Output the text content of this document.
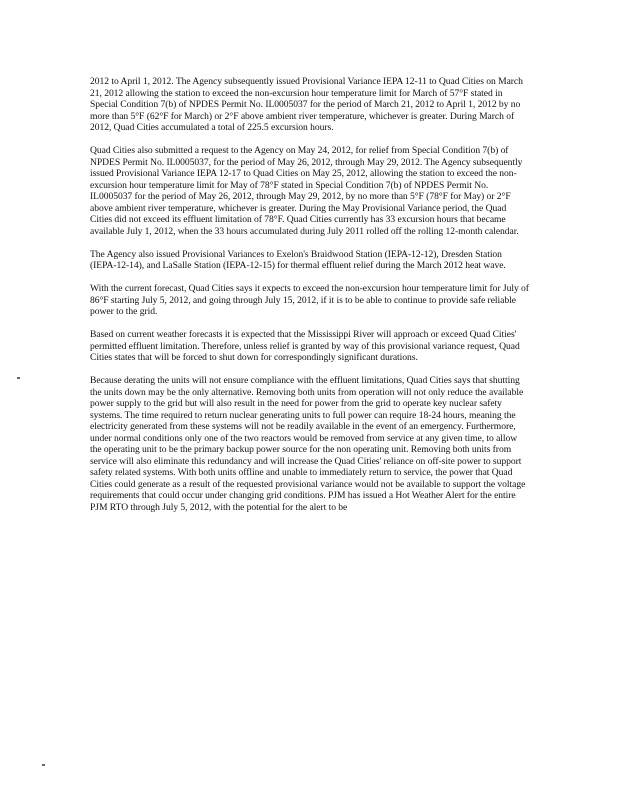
2012 to April 1, 2012. The Agency subsequently issued Provisional Variance IEPA 12-11 to Quad Cities on March 21, 2012 allowing the station to exceed the non-excursion hour temperature limit for March of 57°F stated in Special Condition 7(b) of NPDES Permit No. IL0005037 for the period of March 21, 2012 to April 1, 2012 by no more than 5°F (62°F for March) or 2°F above ambient river temperature, whichever is greater. During March of 2012, Quad Cities accumulated a total of 225.5 excursion hours.

Quad Cities also submitted a request to the Agency on May 24, 2012, for relief from Special Condition 7(b) of NPDES Permit No. IL0005037, for the period of May 26, 2012, through May 29, 2012. The Agency subsequently issued Provisional Variance IEPA 12-17 to Quad Cities on May 25, 2012, allowing the station to exceed the non-excursion hour temperature limit for May of 78°F stated in Special Condition 7(b) of NPDES Permit No. IL0005037 for the period of May 26, 2012, through May 29, 2012, by no more than 5°F (78°F for May) or 2°F above ambient river temperature, whichever is greater. During the May Provisional Variance period, the Quad Cities did not exceed its effluent limitation of 78°F. Quad Cities currently has 33 excursion hours that became available July 1, 2012, when the 33 hours accumulated during July 2011 rolled off the rolling 12-month calendar.

The Agency also issued Provisional Variances to Exelon's Braidwood Station (IEPA-12-12), Dresden Station (IEPA-12-14), and LaSalle Station (IEPA-12-15) for thermal effluent relief during the March 2012 heat wave.

With the current forecast, Quad Cities says it expects to exceed the non-excursion hour temperature limit for July of 86°F starting July 5, 2012, and going through July 15, 2012, if it is to be able to continue to provide safe reliable power to the grid.

Based on current weather forecasts it is expected that the Mississippi River will approach or exceed Quad Cities' permitted effluent limitation. Therefore, unless relief is granted by way of this provisional variance request, Quad Cities states that will be forced to shut down for correspondingly significant durations.

Because derating the units will not ensure compliance with the effluent limitations, Quad Cities says that shutting the units down may be the only alternative. Removing both units from operation will not only reduce the available power supply to the grid but will also result in the need for power from the grid to operate key nuclear safety systems. The time required to return nuclear generating units to full power can require 18-24 hours, meaning the electricity generated from these systems will not be readily available in the event of an emergency. Furthermore, under normal conditions only one of the two reactors would be removed from service at any given time, to allow the operating unit to be the primary backup power source for the non operating unit. Removing both units from service will also eliminate this redundancy and will increase the Quad Cities' reliance on off-site power to support safety related systems. With both units offline and unable to immediately return to service, the power that Quad Cities could generate as a result of the requested provisional variance would not be available to support the voltage requirements that could occur under changing grid conditions. PJM has issued a Hot Weather Alert for the entire PJM RTO through July 5, 2012, with the potential for the alert to be
